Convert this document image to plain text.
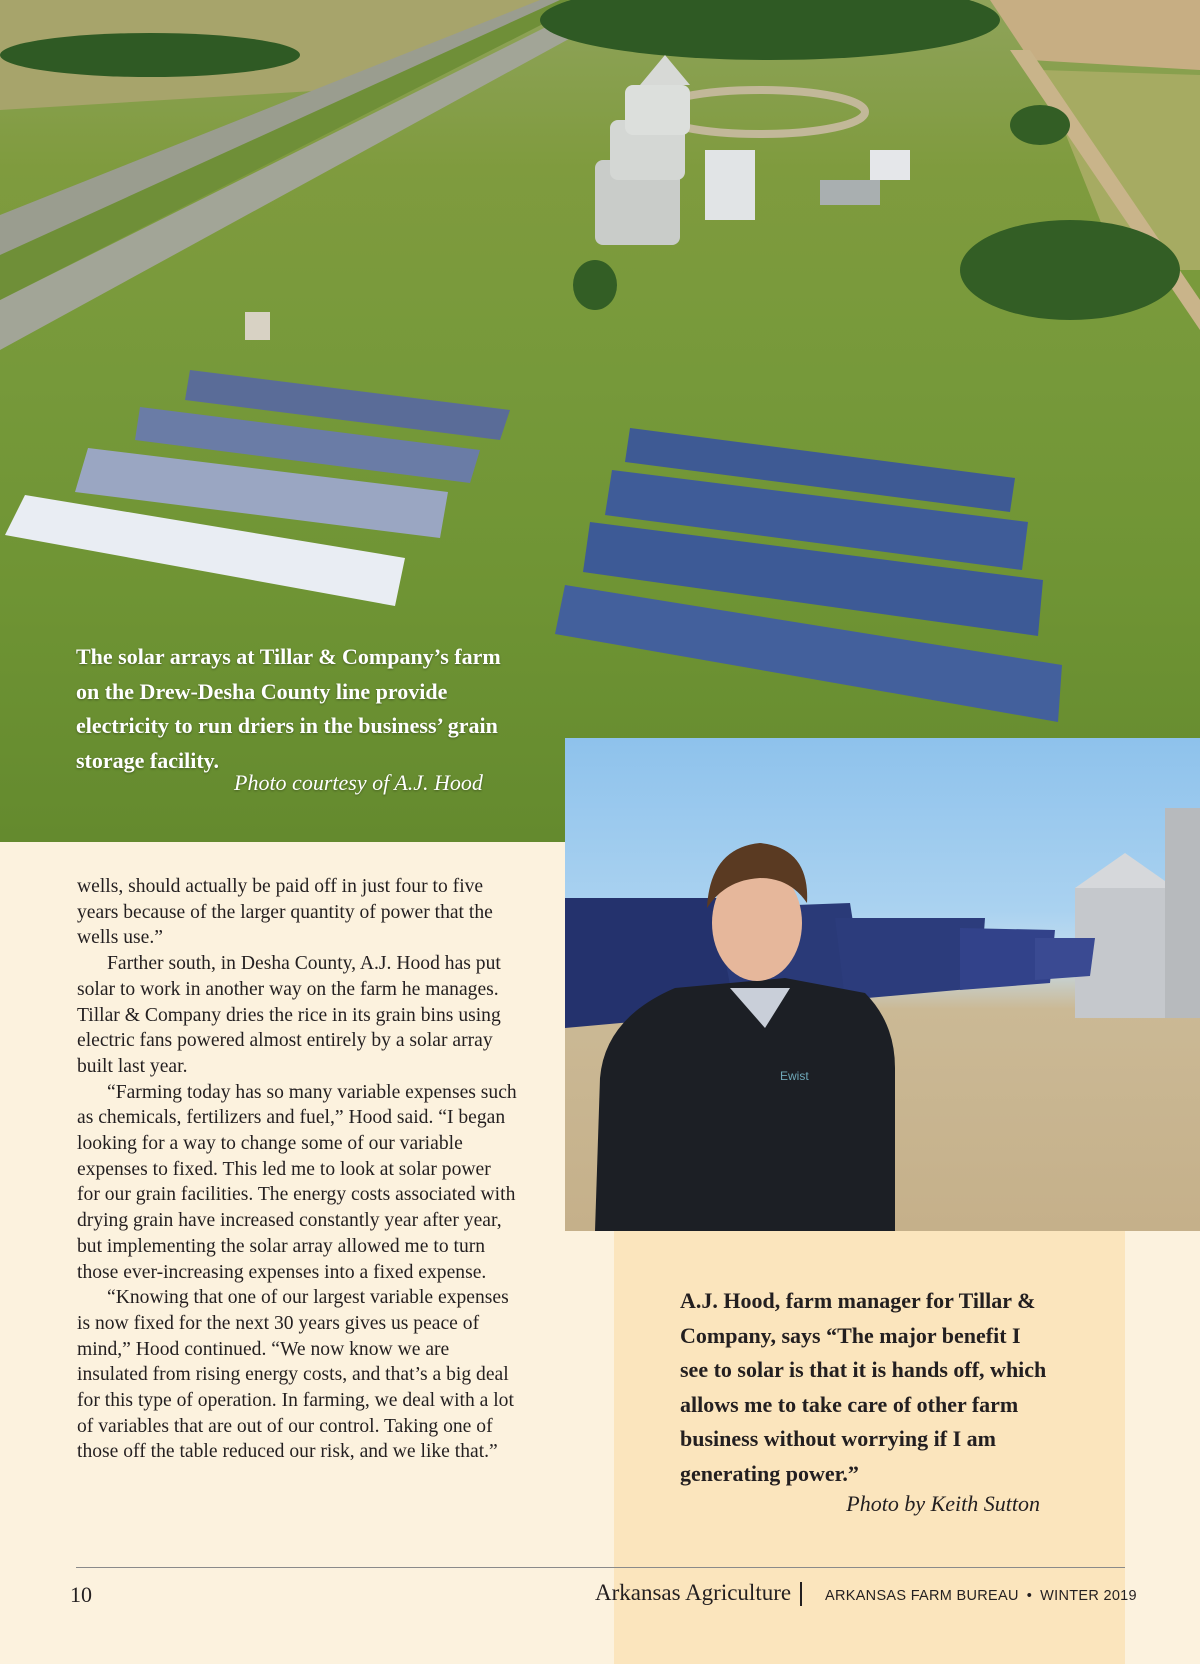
The solar arrays at Tillar & Company’s farm on the Drew-Desha County line provide electricity to run driers in the business’ grain storage facility.
Photo courtesy of A.J. Hood
Ewist
A.J. Hood, farm manager for Tillar & Company, says “The major benefit I see to solar is that it is hands off, which allows me to take care of other farm business without worrying if I am generating power.”
Photo by Keith Sutton

wells, should actually be paid off in just four to five years because of the larger quantity of power that the wells use.”

Farther south, in Desha County, A.J. Hood has put solar to work in another way on the farm he manages. Tillar & Company dries the rice in its grain bins using electric fans powered almost entirely by a solar array built last year.

“Farming today has so many variable expenses such as chemicals, fertilizers and fuel,” Hood said. “I began looking for a way to change some of our variable expenses to fixed. This led me to look at solar power for our grain facilities. The energy costs associated with drying grain have increased constantly year after year, but implementing the solar array allowed me to turn those ever-increasing expenses into a fixed expense.

“Knowing that one of our largest variable expenses is now fixed for the next 30 years gives us peace of mind,” Hood continued. “We now know we are insulated from rising energy costs, and that’s a big deal for this type of operation. In farming, we deal with a lot of variables that are out of our control. Taking one of those off the table reduced our risk, and we like that.”

10	Arkansas Agriculture ARKANSAS FARM BUREAU • WINTER 2019
